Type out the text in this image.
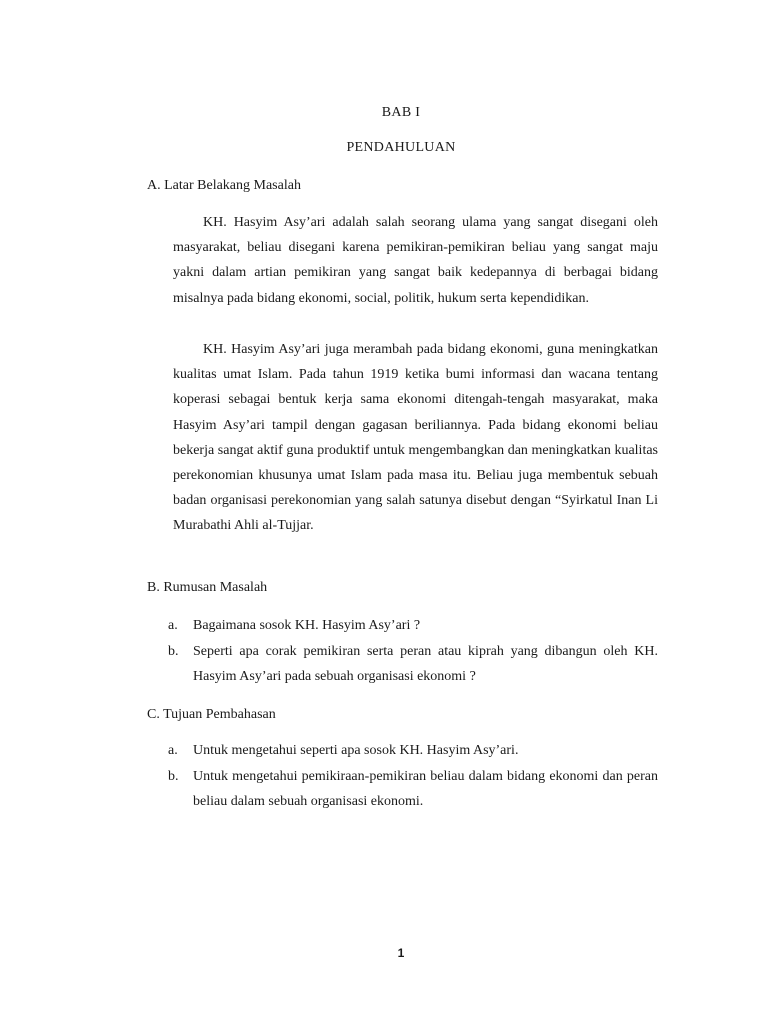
BAB I
PENDAHULUAN
A. Latar Belakang Masalah

KH. Hasyim Asy’ari adalah salah seorang ulama yang sangat disegani oleh masyarakat, beliau disegani karena pemikiran-pemikiran beliau yang sangat maju yakni dalam artian pemikiran yang sangat baik kedepannya di berbagai bidang misalnya pada bidang ekonomi, social, politik, hukum serta kependidikan.

KH. Hasyim Asy’ari juga merambah pada bidang ekonomi, guna meningkatkan kualitas umat Islam. Pada tahun 1919 ketika bumi informasi dan wacana tentang koperasi sebagai bentuk kerja sama ekonomi ditengah-tengah masyarakat, maka Hasyim Asy’ari tampil dengan gagasan beriliannya. Pada bidang ekonomi beliau bekerja sangat aktif guna produktif untuk mengembangkan dan meningkatkan kualitas perekonomian khusunya umat Islam pada masa itu. Beliau juga membentuk sebuah badan organisasi perekonomian yang salah satunya disebut dengan “Syirkatul Inan Li Murabathi Ahli al-Tujjar.

B. Rumusan Masalah
a. Bagaimana sosok KH. Hasyim Asy’ari ?
b. Seperti apa corak pemikiran serta peran atau kiprah yang dibangun oleh KH. Hasyim Asy’ari pada sebuah organisasi ekonomi ?
C. Tujuan Pembahasan
a. Untuk mengetahui seperti apa sosok KH. Hasyim Asy’ari.
b. Untuk mengetahui pemikiraan-pemikiran beliau dalam bidang ekonomi dan peran beliau dalam sebuah organisasi ekonomi.
1
